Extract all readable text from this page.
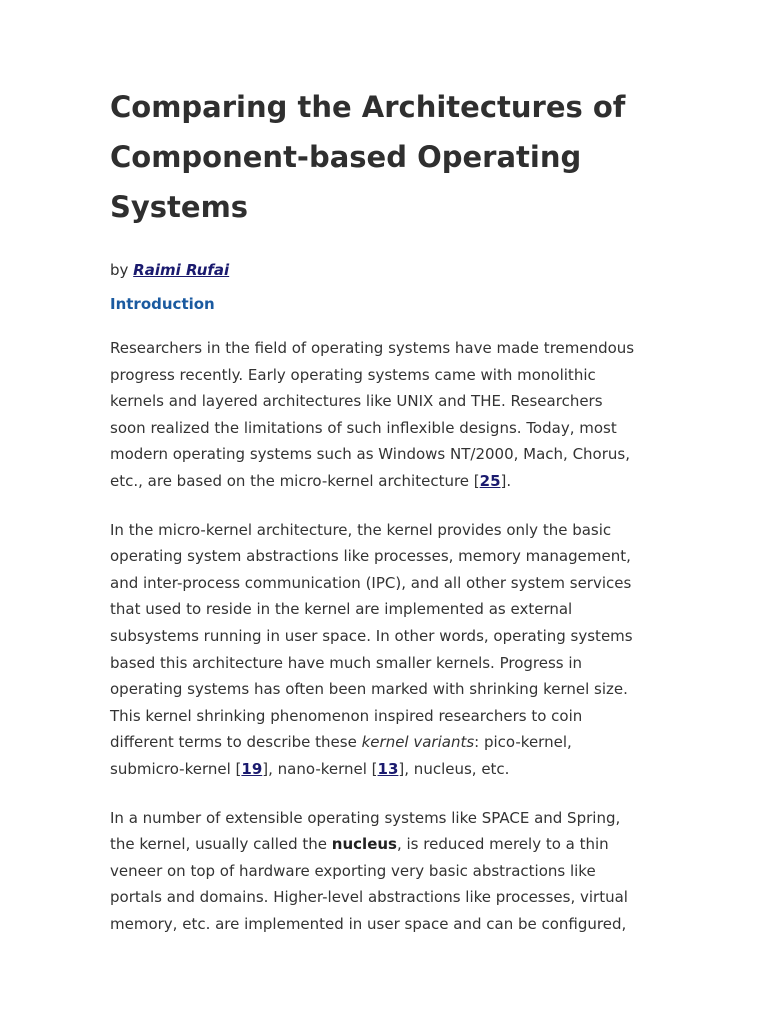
Comparing the Architectures of
Component-based Operating
Systems
by Raimi Rufai
Introduction

Researchers in the field of operating systems have made tremendous
progress recently. Early operating systems came with monolithic
kernels and layered architectures like UNIX and THE. Researchers
soon realized the limitations of such inflexible designs. Today, most
modern operating systems such as Windows NT/2000, Mach, Chorus,
etc., are based on the micro-kernel architecture [25].

In the micro-kernel architecture, the kernel provides only the basic
operating system abstractions like processes, memory management,
and inter-process communication (IPC), and all other system services
that used to reside in the kernel are implemented as external
subsystems running in user space. In other words, operating systems
based this architecture have much smaller kernels. Progress in
operating systems has often been marked with shrinking kernel size.
This kernel shrinking phenomenon inspired researchers to coin
different terms to describe these kernel variants: pico-kernel,
submicro-kernel [19], nano-kernel [13], nucleus, etc.

In a number of extensible operating systems like SPACE and Spring,
the kernel, usually called the nucleus, is reduced merely to a thin
veneer on top of hardware exporting very basic abstractions like
portals and domains. Higher-level abstractions like processes, virtual
memory, etc. are implemented in user space and can be configured,
